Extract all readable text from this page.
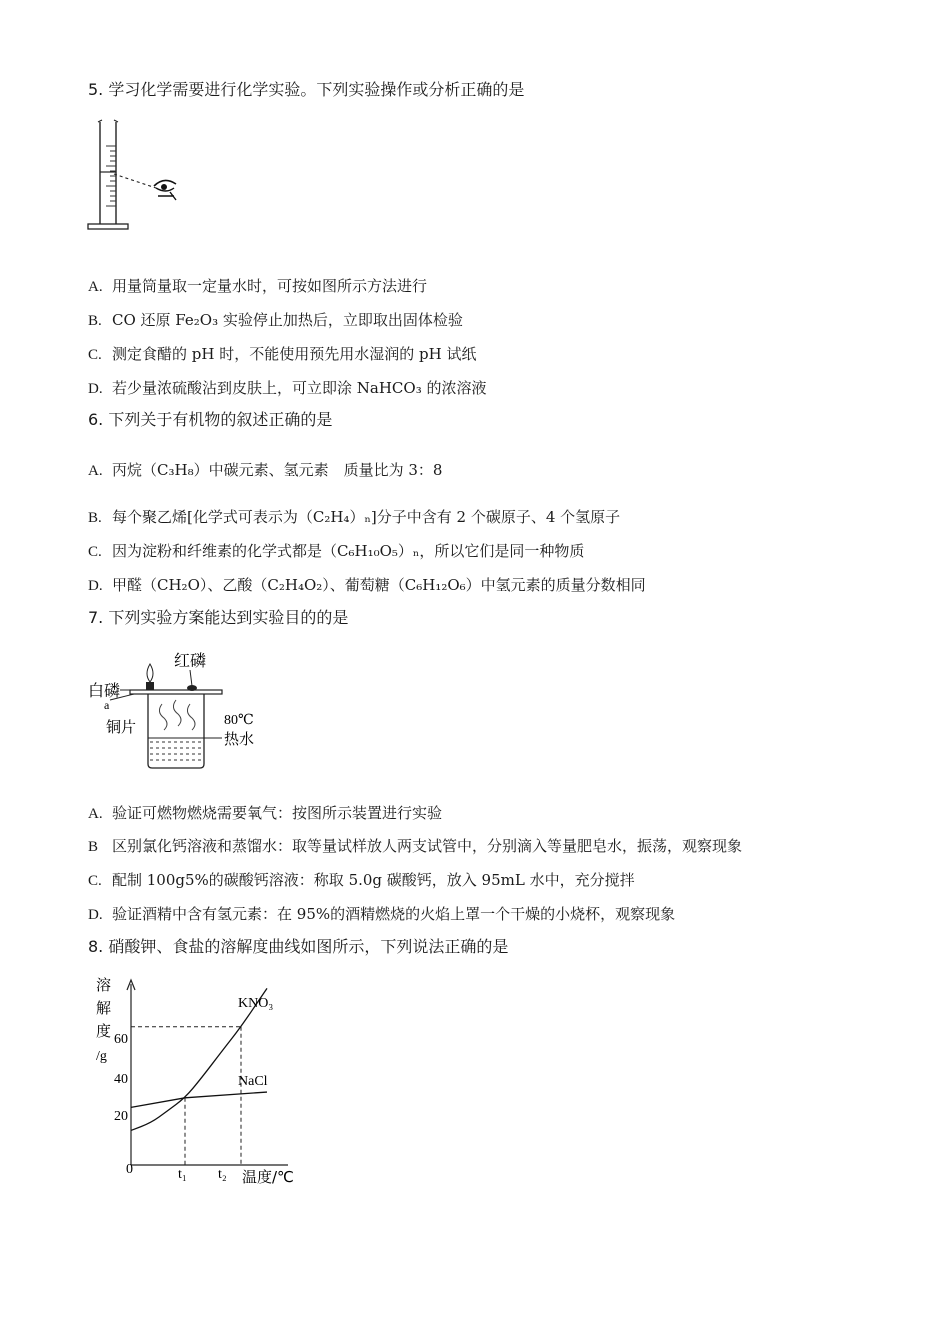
5. 学习化学需要进行化学实验。下列实验操作或分析正确的是
A. 用量筒量取一定量水时，可按如图所示方法进行
B. CO 还原 Fe₂O₃ 实验停止加热后，立即取出固体检验
C. 测定食醋的 pH 时，不能使用预先用水湿润的 pH 试纸
D. 若少量浓硫酸沾到皮肤上，可立即涂 NaHCO₃ 的浓溶液
6. 下列关于有机物的叙述正确的是
A. 丙烷（C₃H₈）中碳元素、氢元素　质量比为 3：8
B. 每个聚乙烯[化学式可表示为（C₂H₄）ₙ]分子中含有 2 个碳原子、4 个氢原子
C. 因为淀粉和纤维素的化学式都是（C₆H₁₀O₅）ₙ，所以它们是同一种物质
D. 甲醛（CH₂O）、乙酸（C₂H₄O₂）、葡萄糖（C₆H₁₂O₆）中氢元素的质量分数相同
7. 下列实验方案能达到实验目的的是
红磷
白磷
a
铜片	80℃
热水
A. 验证可燃物燃烧需要氧气：按图所示装置进行实验
B 区别氯化钙溶液和蒸馏水：取等量试样放人两支试管中，分别滴入等量肥皂水，振荡，观察现象
C. 配制 100g5%的碳酸钙溶液：称取 5.0g 碳酸钙，放入 95mL 水中，充分搅拌
D. 验证酒精中含有氢元素：在 95%的酒精燃烧的火焰上罩一个干燥的小烧杯，观察现象
8. 硝酸钾、食盐的溶解度曲线如图所示，下列说法正确的是
溶
解
度
/g
60
40
20
0	t₁ t₂ 温度/℃
KNO₃
NaCl
